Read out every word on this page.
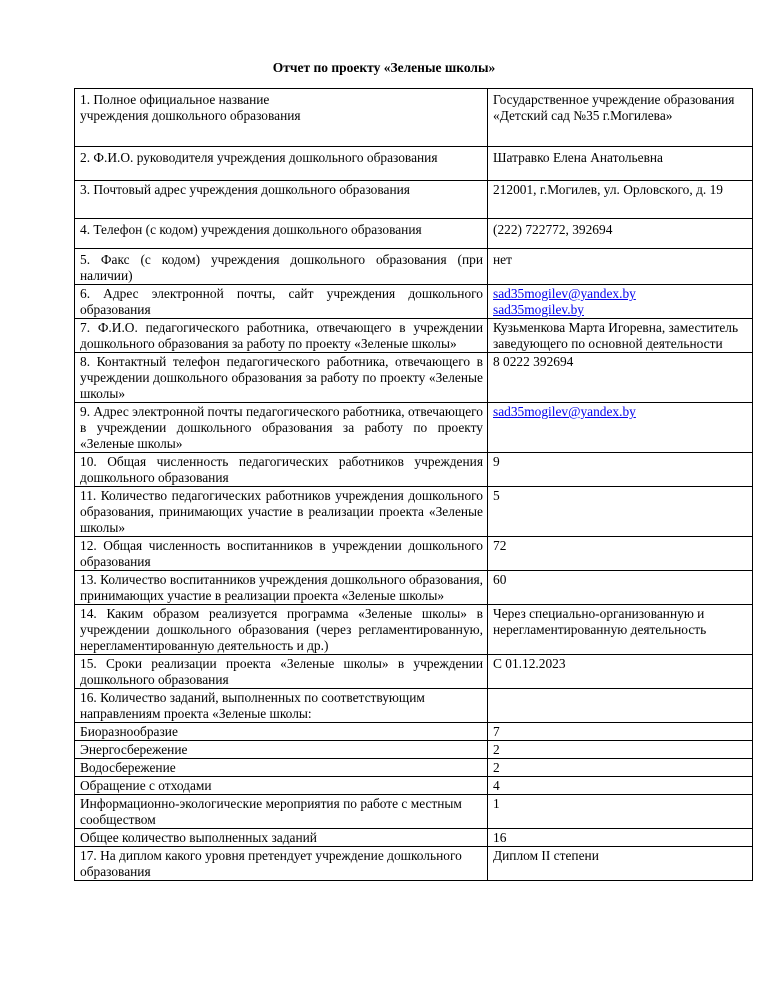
Отчет по проекту «Зеленые школы»
1. Полное официальное название
учреждения дошкольного образования	Государственное учреждение образования «Детский сад №35 г.Могилева»
2. Ф.И.О. руководителя учреждения дошкольного образования	Шатравко Елена Анатольевна
3. Почтовый адрес учреждения дошкольного образования	212001, г.Могилев, ул. Орловского, д. 19
4. Телефон (с кодом) учреждения дошкольного образования	(222) 722772, 392694
5. Факс (с кодом) учреждения дошкольного образования (при наличии)	нет
6. Адрес электронной почты, сайт учреждения дошкольного образования	sad35mogilev@yandex.by
sad35mogilev.by

7. Ф.И.О. педагогического работника, отвечающего в учреждении дошкольного образования за работу по проекту «Зеленые школы»	Кузьменкова Марта Игоревна, заместитель заведующего по основной деятельности
8. Контактный телефон педагогического работника, отвечающего в учреждении дошкольного образования за работу по проекту «Зеленые школы»	8 0222 392694
9. Адрес электронной почты педагогического работника, отвечающего в учреждении дошкольного образования за работу по проекту «Зеленые школы»	sad35mogilev@yandex.by

10. Общая численность педагогических работников учреждения дошкольного образования	9
11. Количество педагогических работников учреждения дошкольного образования, принимающих участие в реализации проекта «Зеленые школы»	5
12. Общая численность воспитанников в учреждении дошкольного образования	72
13. Количество воспитанников учреждения дошкольного образования, принимающих участие в реализации проекта «Зеленые школы»	60
14. Каким образом реализуется программа «Зеленые школы» в учреждении дошкольного образования (через регламентированную, нерегламентированную деятельность и др.)	Через специально-организованную и нерегламентированную деятельность
15. Сроки реализации проекта «Зеленые школы» в учреждении дошкольного образования	С 01.12.2023
16. Количество заданий, выполненных по соответствующим направлениям проекта «Зеленые школы:	
Биоразнообразие	7
Энергосбережение	2
Водосбережение	2
Обращение с отходами	4
Информационно-экологические мероприятия по работе с местным сообществом	1
Общее количество выполненных заданий	16
17. На диплом какого уровня претендует учреждение дошкольного образования	Диплом II степени
